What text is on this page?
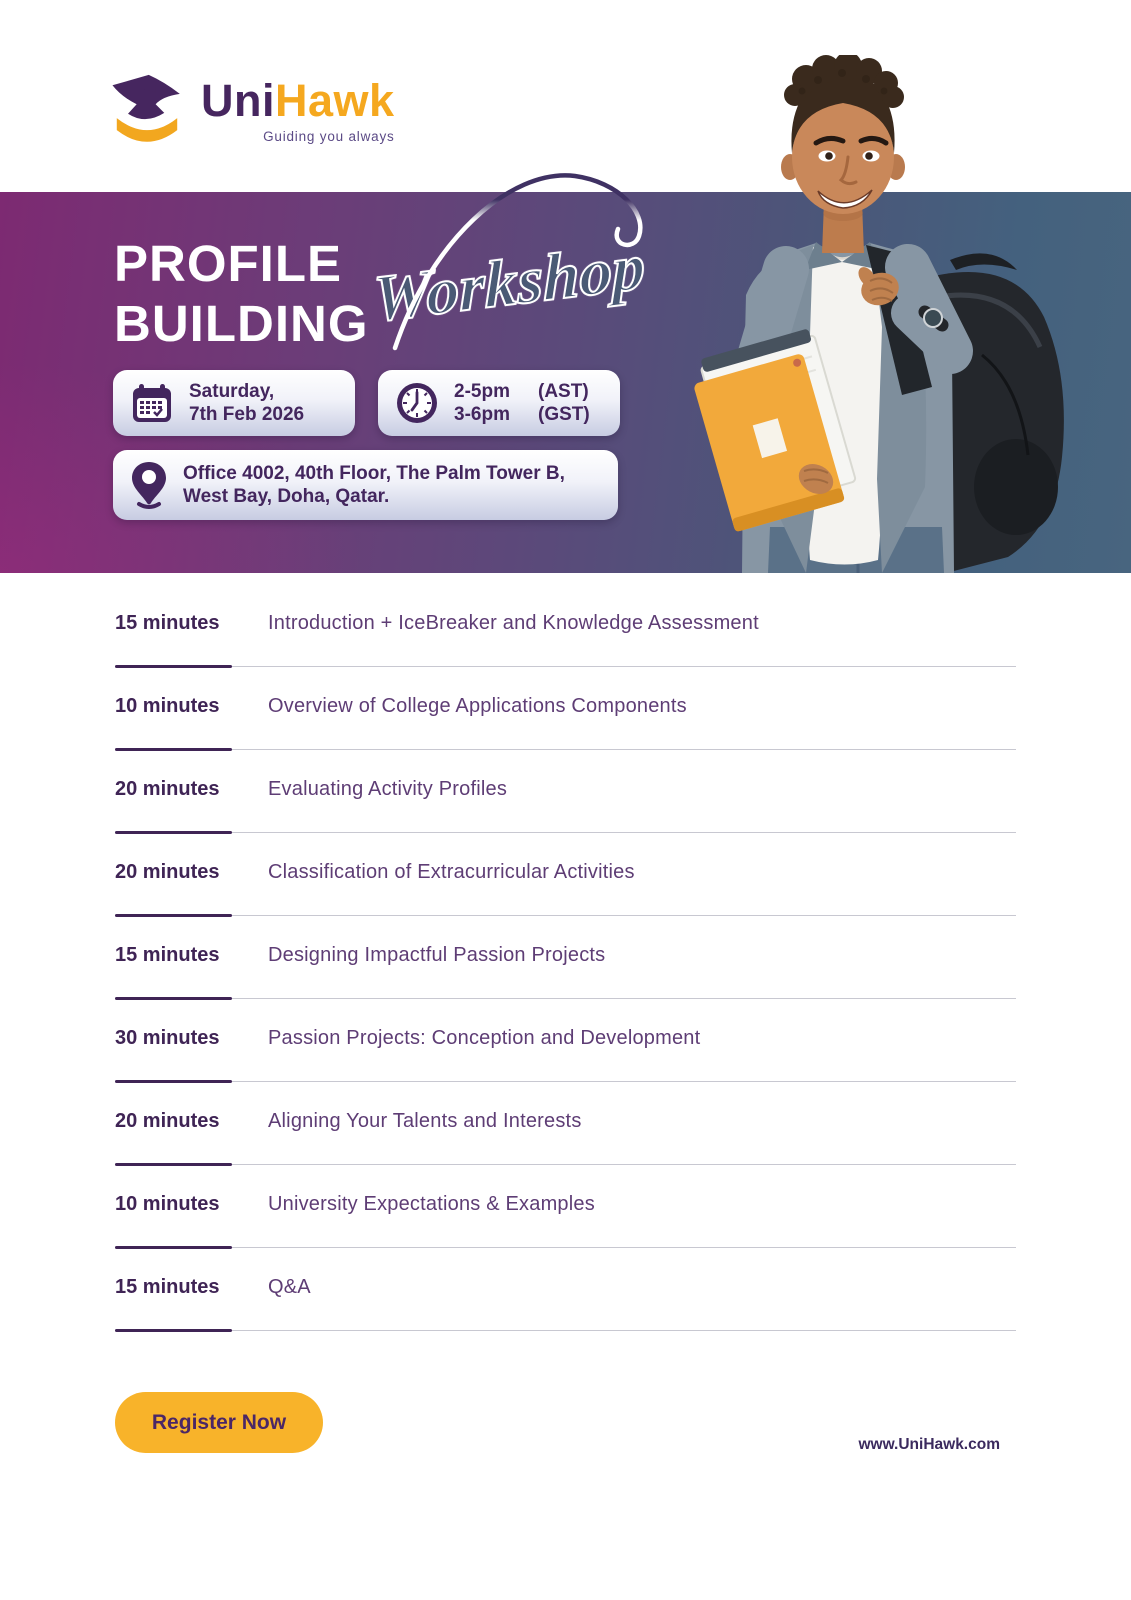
UniHawk
Guiding you always
PROFILE
BUILDING Workshop
Saturday,
7th Feb 2026
2-5pm	(AST)
3-6pm	(GST)
Office 4002, 40th Floor, The Palm Tower B,
West Bay, Doha, Qatar.
15 minutes	Introduction + IceBreaker and Knowledge Assessment
10 minutes	Overview of College Applications Components
20 minutes	Evaluating Activity Profiles
20 minutes	Classification of Extracurricular Activities
15 minutes	Designing Impactful Passion Projects
30 minutes	Passion Projects: Conception and Development
20 minutes	Aligning Your Talents and Interests
10 minutes	University Expectations & Examples
15 minutes	Q&A
Register Now
www.UniHawk.com
